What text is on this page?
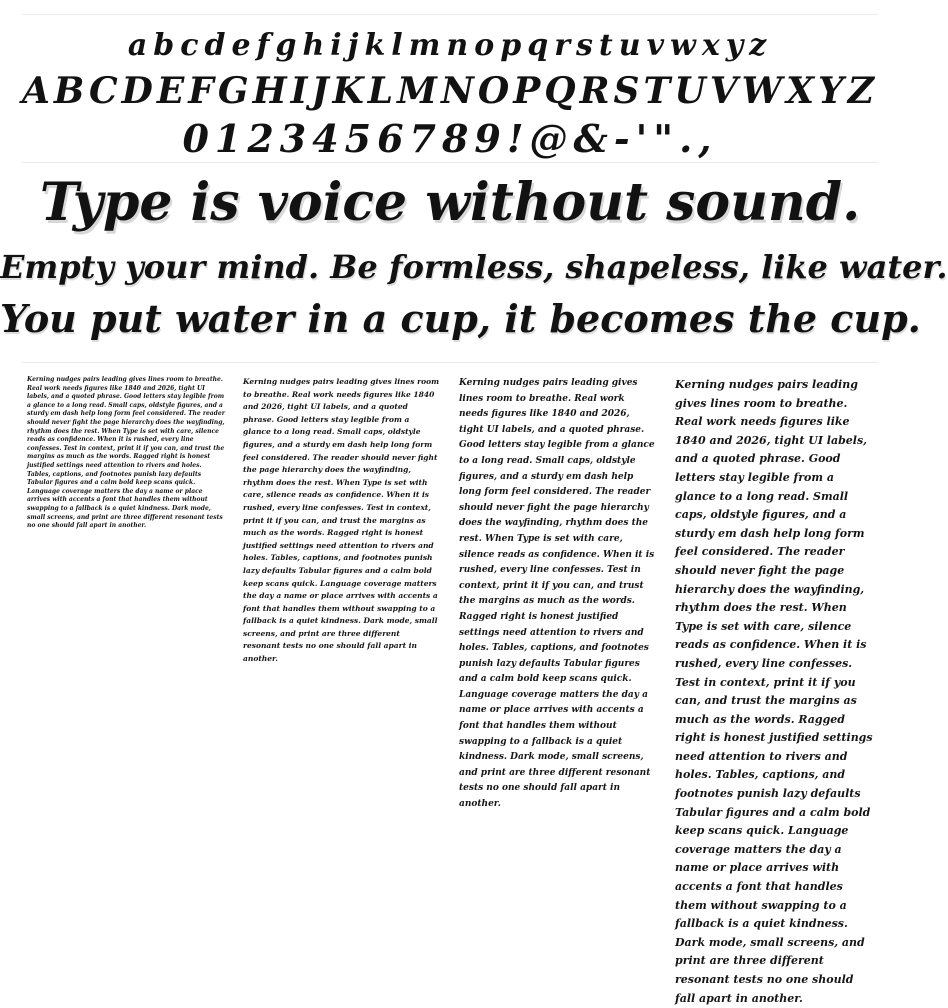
abcdefghijklmnopqrstuvwxyz
ABCDEFGHIJKLMNOPQRSTUVWXYZ
0123456789!@&-'".,
Type is voice without sound.
Empty your mind. Be formless, shapeless, like water.
You put water in a cup, it becomes the cup.
Kerning nudges pairs leading gives lines room to breathe. Real work needs figures like 1840 and 2026, tight UI labels, and a quoted phrase. Good letters stay legible from a glance to a long read. Small caps, oldstyle figures, and a sturdy em dash help long form feel considered. The reader should never fight the page hierarchy does the wayfinding, rhythm does the rest. When Type is set with care, silence reads as confidence. When it is rushed, every line confesses. Test in context, print it if you can, and trust the margins as much as the words. Ragged right is honest justified settings need attention to rivers and holes. Tables, captions, and footnotes punish lazy defaults Tabular figures and a calm bold keep scans quick. Language coverage matters the day a name or place arrives with accents a font that handles them without swapping to a fallback is a quiet kindness. Dark mode, small screens, and print are three different resonant tests no one should fall apart in another.
Kerning nudges pairs leading gives lines room to breathe. Real work needs figures like 1840 and 2026, tight UI labels, and a quoted phrase. Good letters stay legible from a glance to a long read. Small caps, oldstyle figures, and a sturdy em dash help long form feel considered. The reader should never fight the page hierarchy does the wayfinding, rhythm does the rest. When Type is set with care, silence reads as confidence. When it is rushed, every line confesses. Test in context, print it if you can, and trust the margins as much as the words. Ragged right is honest justified settings need attention to rivers and holes. Tables, captions, and footnotes punish lazy defaults Tabular figures and a calm bold keep scans quick. Language coverage matters the day a name or place arrives with accents a font that handles them without swapping to a fallback is a quiet kindness. Dark mode, small screens, and print are three different resonant tests no one should fall apart in another.
Kerning nudges pairs leading gives lines room to breathe. Real work needs figures like 1840 and 2026, tight UI labels, and a quoted phrase. Good letters stay legible from a glance to a long read. Small caps, oldstyle figures, and a sturdy em dash help long form feel considered. The reader should never fight the page hierarchy does the wayfinding, rhythm does the rest. When Type is set with care, silence reads as confidence. When it is rushed, every line confesses. Test in context, print it if you can, and trust the margins as much as the words. Ragged right is honest justified settings need attention to rivers and holes. Tables, captions, and footnotes punish lazy defaults Tabular figures and a calm bold keep scans quick. Language coverage matters the day a name or place arrives with accents a font that handles them without swapping to a fallback is a quiet kindness. Dark mode, small screens, and print are three different resonant tests no one should fall apart in another.
Kerning nudges pairs leading gives lines room to breathe. Real work needs figures like 1840 and 2026, tight UI labels, and a quoted phrase. Good letters stay legible from a glance to a long read. Small caps, oldstyle figures, and a sturdy em dash help long form feel considered. The reader should never fight the page hierarchy does the wayfinding, rhythm does the rest. When Type is set with care, silence reads as confidence. When it is rushed, every line confesses. Test in context, print it if you can, and trust the margins as much as the words. Ragged right is honest justified settings need attention to rivers and holes. Tables, captions, and footnotes punish lazy defaults Tabular figures and a calm bold keep scans quick. Language coverage matters the day a name or place arrives with accents a font that handles them without swapping to a fallback is a quiet kindness. Dark mode, small screens, and print are three different resonant tests no one should fall apart in another.
